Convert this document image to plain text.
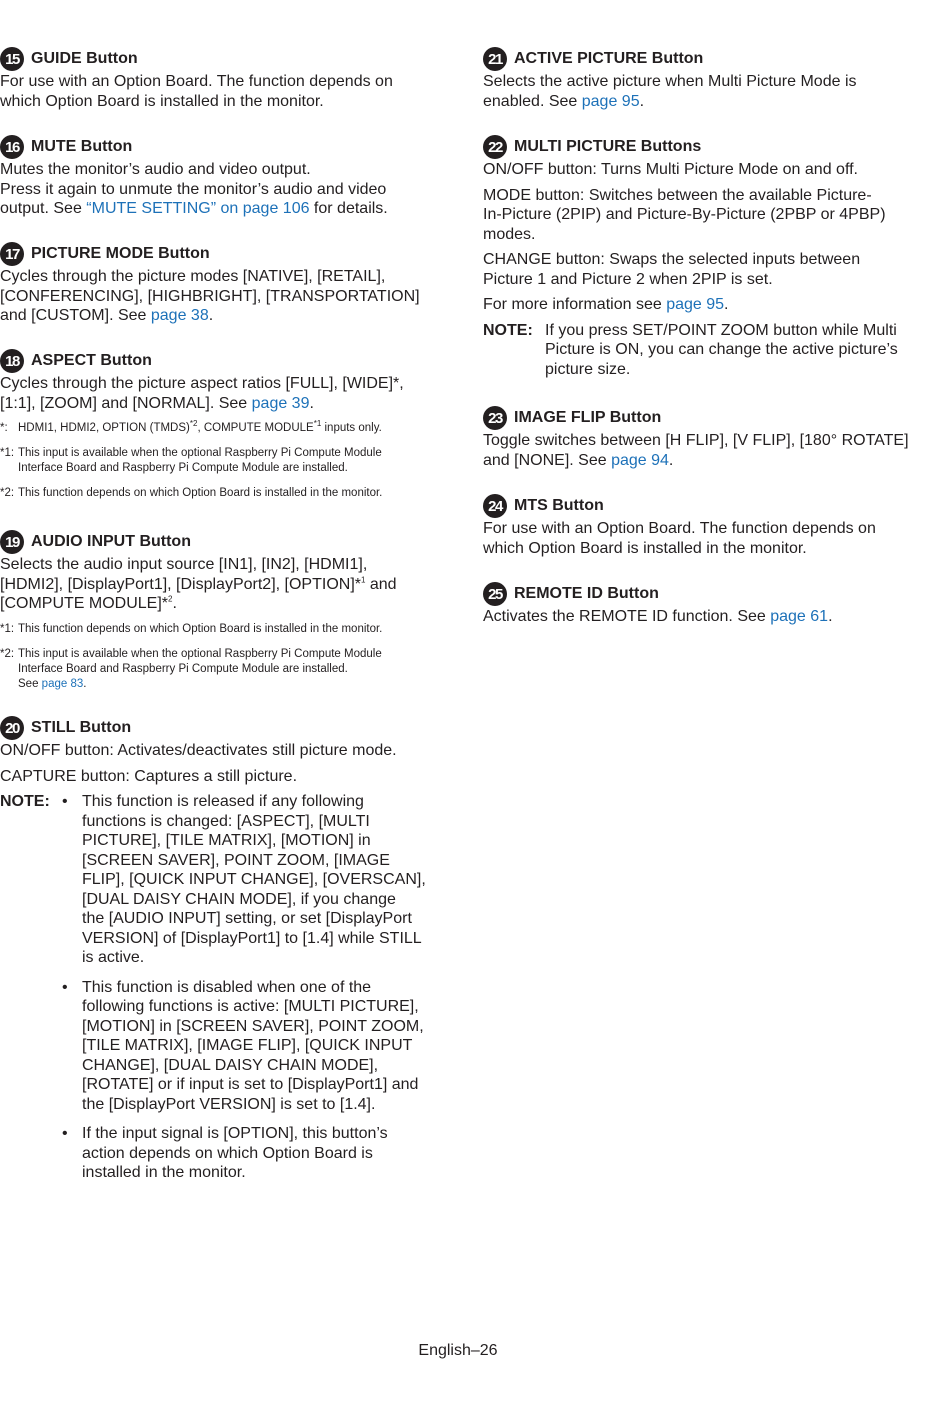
15 GUIDE Button

For use with an Option Board. The function depends on

which Option Board is installed in the monitor.

16 MUTE Button

Mutes the monitor’s audio and video output.

Press it again to unmute the monitor’s audio and video

output. See “MUTE SETTING” on page 106 for details.

17 PICTURE MODE Button

Cycles through the picture modes [NATIVE], [RETAIL],

[CONFERENCING], [HIGHBRIGHT], [TRANSPORTATION]

and [CUSTOM]. See page 38.

18 ASPECT Button

Cycles through the picture aspect ratios [FULL], [WIDE]*,

[1:1], [ZOOM] and [NORMAL]. See page 39.

*: HDMI1, HDMI2, OPTION (TMDS)$^{*2}$, COMPUTE MODULE$^{*1}$ inputs only.
*1: This input is available when the optional Raspberry Pi Compute Module
Interface Board and Raspberry Pi Compute Module are installed.
*2: This function depends on which Option Board is installed in the monitor.
19 AUDIO INPUT Button

Selects the audio input source [IN1], [IN2], [HDMI1],

[HDMI2], [DisplayPort1], [DisplayPort2], [OPTION]*$^1$ and

[COMPUTE MODULE]*$^2$.

*1: This function depends on which Option Board is installed in the monitor.
*2: This input is available when the optional Raspberry Pi Compute Module
Interface Board and Raspberry Pi Compute Module are installed.
See page 83.
20 STILL Button

ON/OFF button: Activates/deactivates still picture mode.

CAPTURE button: Captures a still picture.

NOTE: • This function is released if any following

functions is changed: [ASPECT], [MULTI

PICTURE], [TILE MATRIX], [MOTION] in

[SCREEN SAVER], POINT ZOOM, [IMAGE

FLIP], [QUICK INPUT CHANGE], [OVERSCAN],

[DUAL DAISY CHAIN MODE], if you change

the [AUDIO INPUT] setting, or set [DisplayPort

VERSION] of [DisplayPort1] to [1.4] while STILL

is active.

• This function is disabled when one of the

following functions is active: [MULTI PICTURE],

[MOTION] in [SCREEN SAVER], POINT ZOOM,

[TILE MATRIX], [IMAGE FLIP], [QUICK INPUT

CHANGE], [DUAL DAISY CHAIN MODE],

[ROTATE] or if input is set to [DisplayPort1] and

the [DisplayPort VERSION] is set to [1.4].

• If the input signal is [OPTION], this button’s

action depends on which Option Board is

installed in the monitor.

21 ACTIVE PICTURE Button

Selects the active picture when Multi Picture Mode is

enabled. See page 95.

22 MULTI PICTURE Buttons

ON/OFF button: Turns Multi Picture Mode on and off.

MODE button: Switches between the available Picture-

In-Picture (2PIP) and Picture-By-Picture (2PBP or 4PBP)

modes.

CHANGE button: Swaps the selected inputs between

Picture 1 and Picture 2 when 2PIP is set.

For more information see page 95.

NOTE: If you press SET/POINT ZOOM button while Multi

Picture is ON, you can change the active picture’s

picture size.

23 IMAGE FLIP Button

Toggle switches between [H FLIP], [V FLIP], [180° ROTATE]

and [NONE]. See page 94.

24 MTS Button

For use with an Option Board. The function depends on

which Option Board is installed in the monitor.

25 REMOTE ID Button

Activates the REMOTE ID function. See page 61.

English–26
